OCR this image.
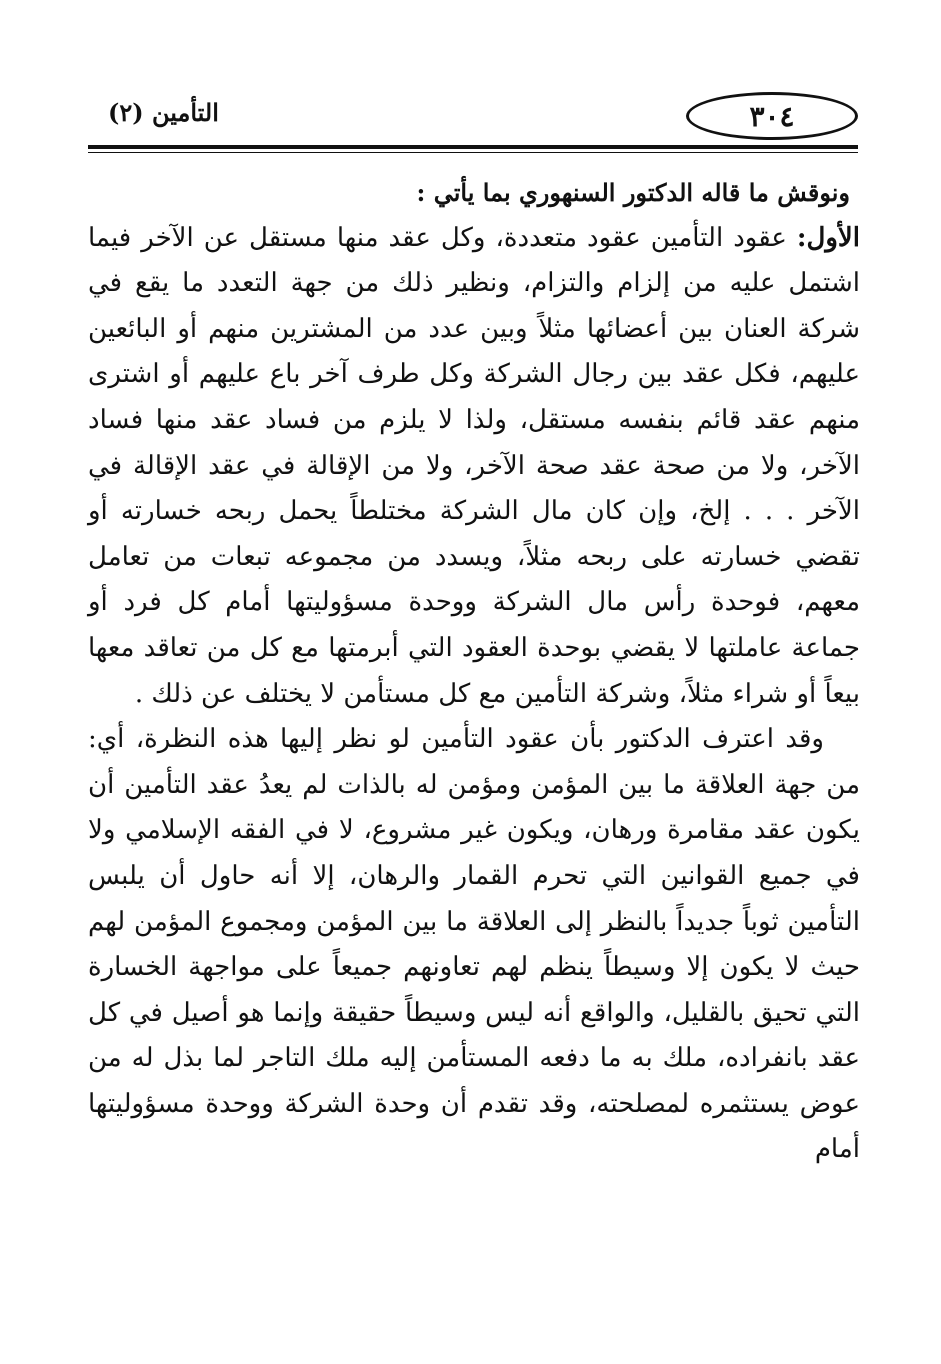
التأمين (٢)	٣٠٤

ونوقش ما قاله الدكتور السنهوري بما يأتي :

الأول: عقود التأمين عقود متعددة، وكل عقد منها مستقل عن الآخر فيما اشتمل عليه من إلزام والتزام، ونظير ذلك من جهة التعدد ما يقع في شركة العنان بين أعضائها مثلاً وبين عدد من المشترين منهم أو البائعين عليهم، فكل عقد بين رجال الشركة وكل طرف آخر باع عليهم أو اشترى منهم عقد قائم بنفسه مستقل، ولذا لا يلزم من فساد عقد منها فساد الآخر، ولا من صحة عقد صحة الآخر، ولا من الإقالة في عقد الإقالة في الآخر . . . إلخ، وإن كان مال الشركة مختلطاً يحمل ربحه خسارته أو تقضي خسارته على ربحه مثلاً، ويسدد من مجموعه تبعات من تعامل معهم، فوحدة رأس مال الشركة ووحدة مسؤوليتها أمام كل فرد أو جماعة عاملتها لا يقضي بوحدة العقود التي أبرمتها مع كل من تعاقد معها بيعاً أو شراء مثلاً، وشركة التأمين مع كل مستأمن لا يختلف عن ذلك .

وقد اعترف الدكتور بأن عقود التأمين لو نظر إليها هذه النظرة، أي: من جهة العلاقة ما بين المؤمن ومؤمن له بالذات لم يعدُ عقد التأمين أن يكون عقد مقامرة ورهان، ويكون غير مشروع، لا في الفقه الإسلامي ولا في جميع القوانين التي تحرم القمار والرهان، إلا أنه حاول أن يلبس التأمين ثوباً جديداً بالنظر إلى العلاقة ما بين المؤمن ومجموع المؤمن لهم حيث لا يكون إلا وسيطاً ينظم لهم تعاونهم جميعاً على مواجهة الخسارة التي تحيق بالقليل، والواقع أنه ليس وسيطاً حقيقة وإنما هو أصيل في كل عقد بانفراده، ملك به ما دفعه المستأمن إليه ملك التاجر لما بذل له من عوض يستثمره لمصلحته، وقد تقدم أن وحدة الشركة ووحدة مسؤوليتها أمام
